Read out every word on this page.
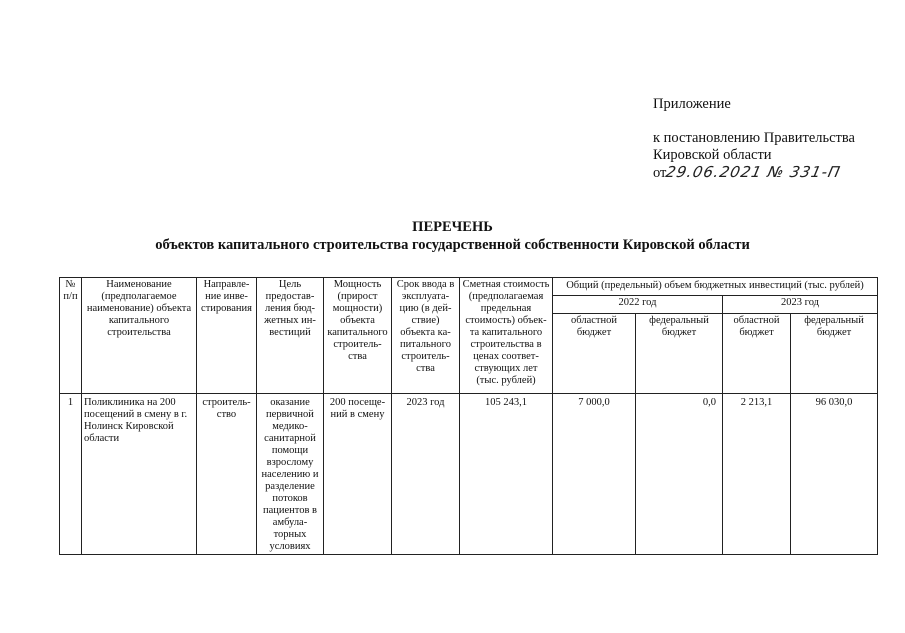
Приложение
к постановлению Правительства
Кировской области
от
29.06.2021 № 331-П
ПЕРЕЧЕНЬ
объектов капитального строительства государственной собственности Кировской области
№ п/п	Наименование (предполагаемое наименование) объекта капитального строительства	Направле-ние инве-стирования	Цель предостав-ления бюд-жетных ин-вестиций	Мощность (прирост мощности) объекта капитального строитель-ства	Срок ввода в эксплуата-цию (в дей-ствие) объекта ка-питального строитель-ства	Сметная стоимость (предполагаемая предельная стоимость) объек-та капитального строительства в ценах соответ-ствующих лет (тыс. рублей)	Общий (предельный) объем бюджетных инвестиций (тыс. рублей)			
							2022 год		2023 год	
							областной бюджет	федеральный бюджет	областной бюджет	федеральный бюджет
1	Поликлиника на 200 посещений в смену в г. Нолинск Кировской области	строитель-ство	оказание первичной медико-санитарной помощи взрослому населению и разделение потоков пациентов в амбула-торных условиях	200 посеще-ний в смену	2023 год	105 243,1	7 000,0	0,0	2 213,1	96 030,0
